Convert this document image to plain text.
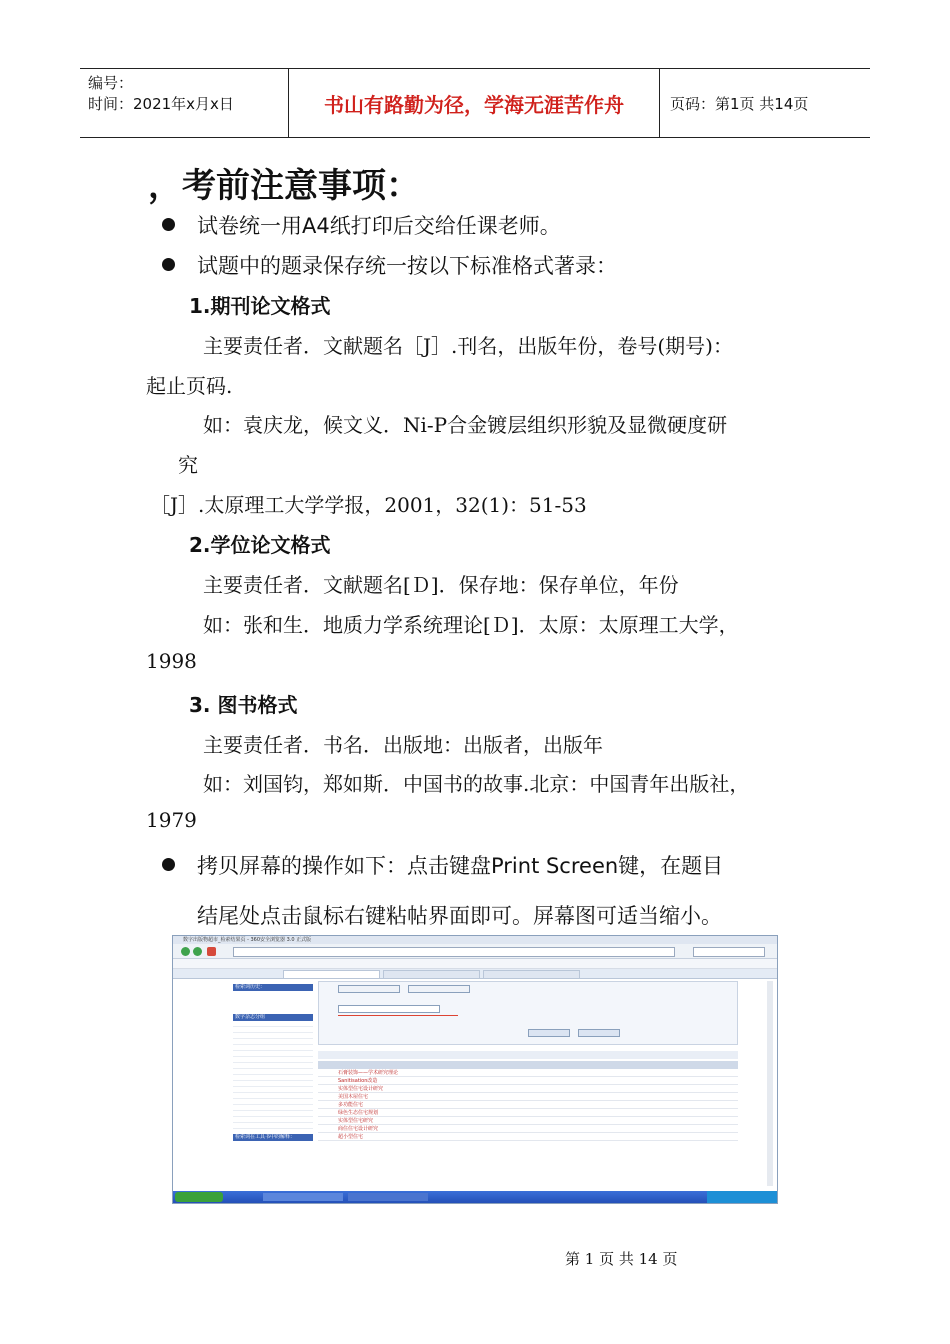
编号：
时间：2021年x月x日	书山有路勤为径，学海无涯苦作舟	页码：第1页 共14页
，考前注意事项：
试卷统一用A4纸打印后交给任课老师。
试题中的题录保存统一按以下标准格式著录：
1.期刊论文格式
主要责任者．文献题名［J］.刊名，出版年份，卷号(期号)：
起止页码.
如：袁庆龙，候文义．Ni-P合金镀层组织形貌及显微硬度研
究
［J］.太原理工大学学报，2001，32(1)：51-53
2.学位论文格式
主要责任者．文献题名[Ｄ]．保存地：保存单位，年份
如：张和生．地质力学系统理论[Ｄ]．太原：太原理工大学，
1998
3. 图书格式
主要责任者．书名．出版地：出版者，出版年
如：刘国钧，郑如斯．中国书的故事.北京：中国青年出版社，
1979
拷贝屏幕的操作如下：点击键盘Print Screen键，在题目
结尾处点击鼠标右键粘帖界面即可。屏幕图可适当缩小。
数字出版物超市_检索结果页 - 360安全浏览器 3.0 正式版
检索词历史：
数字杂志分组
检索词在工具书中的解释：
石膏装饰——学术研究理论
Sanitisation改造
实体型住宅设计研究
美国木屋住宅
多功能住宅
绿色生态住宅规划
实体型住宅研究
商住住宅设计研究
超小型住宅
第 1 页 共 14 页
